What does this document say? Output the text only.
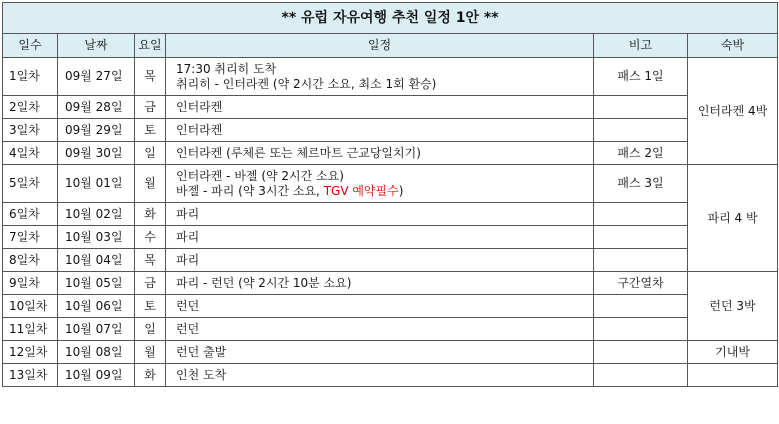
** 유럽 자유여행 추천 일정 1안 **					
일수	날짜	요일	일정	비고	숙박
1일차	09월 27일	목	17:30 취리히 도착
취리히 - 인터라켄 (약 2시간 소요, 최소 1회 환승)	패스 1일	인터라켄 4박
2일차	09월 28일	금	인터라켄		
3일차	09월 29일	토	인터라켄		
4일차	09월 30일	일	인터라켄 (루체른 또는 체르마트 근교당일치기)	패스 2일	
5일차	10월 01일	월	인터라켄 - 바젤 (약 2시간 소요)
바젤 - 파리 (약 3시간 소요, TGV 예약필수)	패스 3일	파리 4 박
6일차	10월 02일	화	파리		
7일차	10월 03일	수	파리		
8일차	10월 04일	목	파리		
9일차	10월 05일	금	파리 - 런던 (약 2시간 10분 소요)	구간열차	런던 3박
10일차	10월 06일	토	런던		
11일차	10월 07일	일	런던		
12일차	10월 08일	월	런던 출발		기내박
13일차	10월 09일	화	인천 도착		
